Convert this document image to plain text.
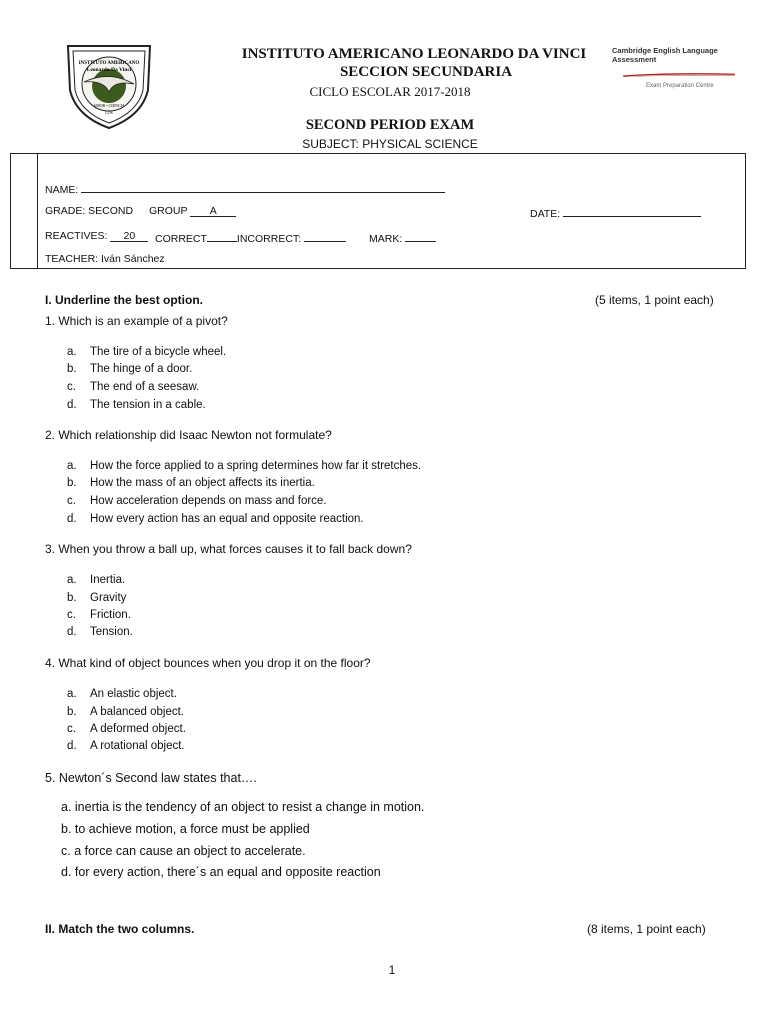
INSTITUTO AMERICANO
Leonardo Da Vinci
AMOR • CIENCIA
LOS
INSTITUTO AMERICANO LEONARDO DA VINCI
SECCION SECUNDARIA
CICLO ESCOLAR 2017-2018
SECOND PERIOD EXAM
SUBJECT: PHYSICAL SCIENCE
Cambridge English Language Assessment
Exam Preparation Centre
NAME:
GRADE: SECOND GROUP A	DATE:
REACTIVES: 20	CORRECT	INCORRECT:	MARK:
TEACHER: Iván Sánchez
I. Underline the best option.	(5 items, 1 point each)
1. Which is an example of a pivot?
a. The tire of a bicycle wheel.
b. The hinge of a door.
c. The end of a seesaw.
d. The tension in a cable.
2. Which relationship did Isaac Newton not formulate?
a. How the force applied to a spring determines how far it stretches.
b. How the mass of an object affects its inertia.
c. How acceleration depends on mass and force.
d. How every action has an equal and opposite reaction.
3. When you throw a ball up, what forces causes it to fall back down?
a. Inertia.
b. Gravity
c. Friction.
d. Tension.
4. What kind of object bounces when you drop it on the floor?
a. An elastic object.
b. A balanced object.
c. A deformed object.
d. A rotational object.
5. Newton´s Second law states that….
a. inertia is the tendency of an object to resist a change in motion.
b. to achieve motion, a force must be applied
c. a force can cause an object to accelerate.
d. for every action, there´s an equal and opposite reaction
II. Match the two columns.	(8 items, 1 point each)
1
